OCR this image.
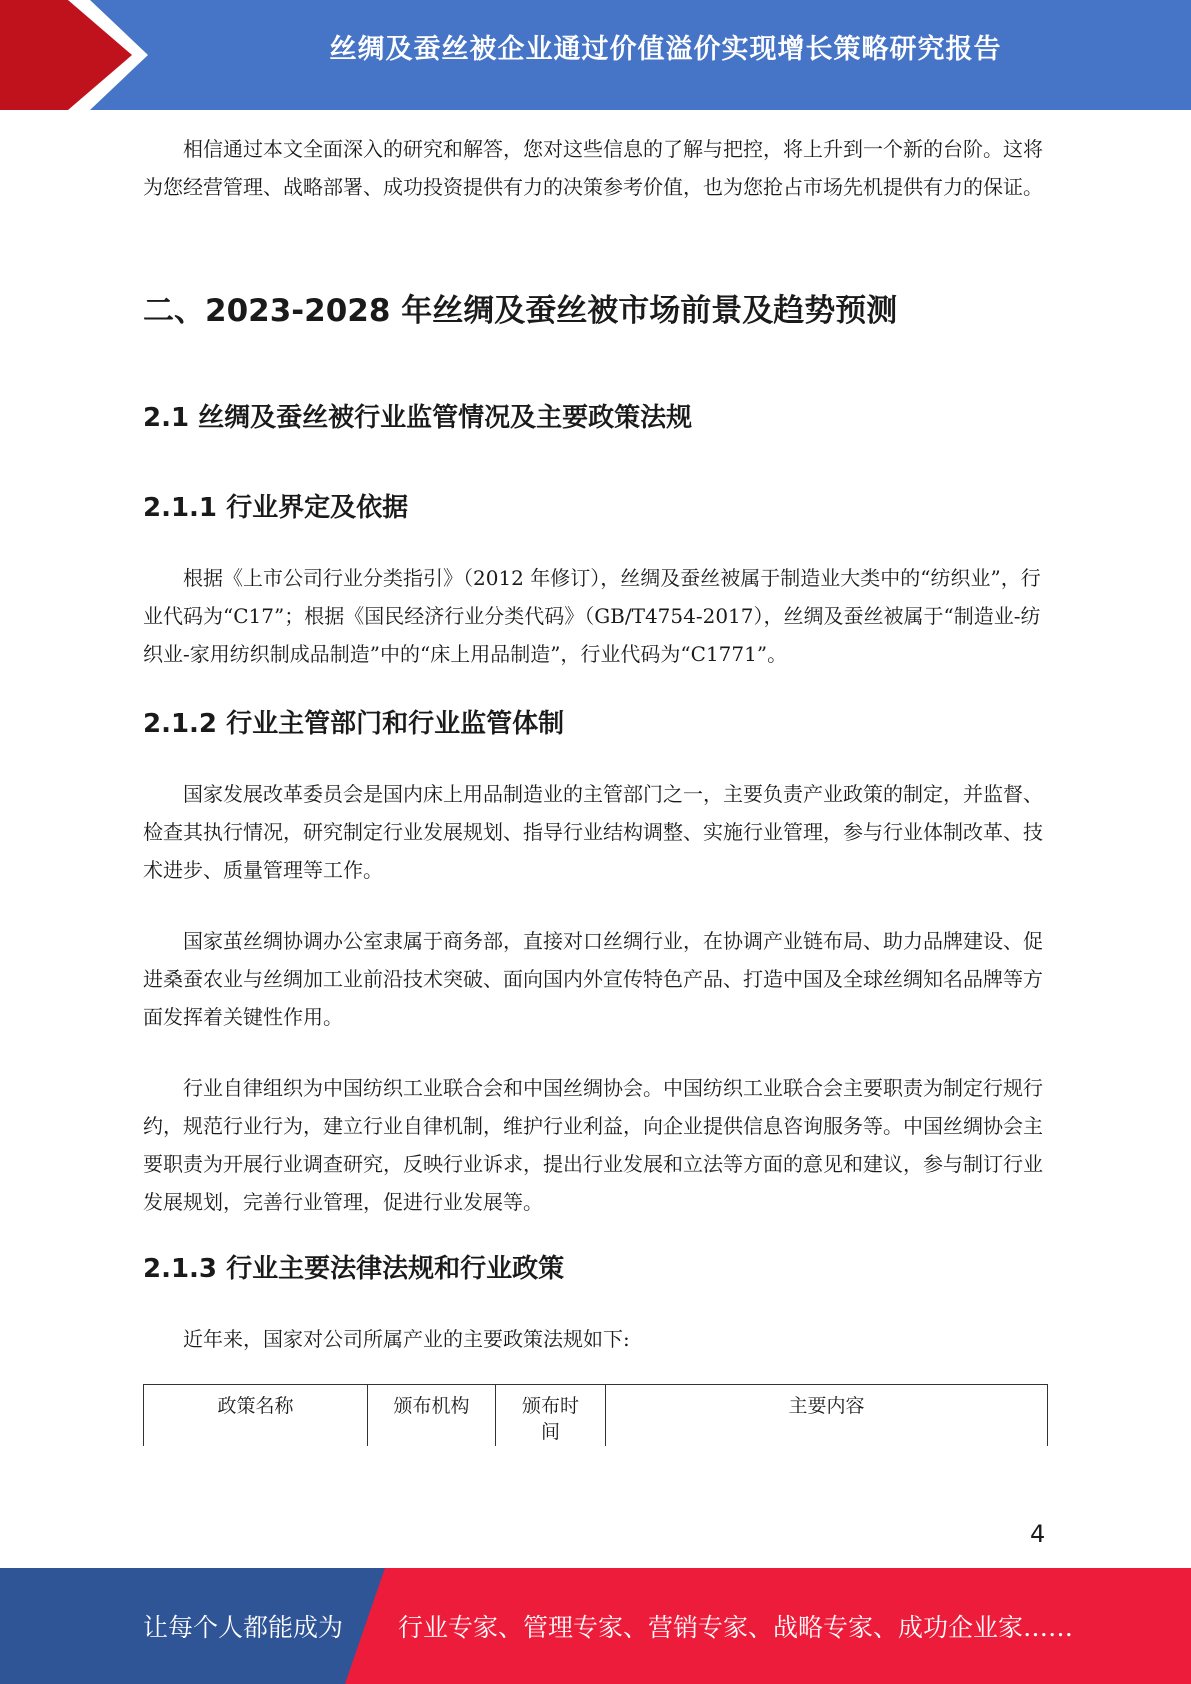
丝绸及蚕丝被企业通过价值溢价实现增长策略研究报告

相信通过本文全面深入的研究和解答，您对这些信息的了解与把控，将上升到一个新的台阶。这将为您经营管理、战略部署、成功投资提供有力的决策参考价值，也为您抢占市场先机提供有力的保证。

二、2023-2028 年丝绸及蚕丝被市场前景及趋势预测
2.1 丝绸及蚕丝被行业监管情况及主要政策法规
2.1.1 行业界定及依据

根据《上市公司行业分类指引》（2012 年修订），丝绸及蚕丝被属于制造业大类中的“纺织业”，行业代码为“C17”；根据《国民经济行业分类代码》（GB/T4754-2017），丝绸及蚕丝被属于“制造业-纺织业-家用纺织制成品制造”中的“床上用品制造”，行业代码为“C1771”。

2.1.2 行业主管部门和行业监管体制

国家发展改革委员会是国内床上用品制造业的主管部门之一，主要负责产业政策的制定，并监督、检查其执行情况，研究制定行业发展规划、指导行业结构调整、实施行业管理，参与行业体制改革、技术进步、质量管理等工作。

国家茧丝绸协调办公室隶属于商务部，直接对口丝绸行业，在协调产业链布局、助力品牌建设、促进桑蚕农业与丝绸加工业前沿技术突破、面向国内外宣传特色产品、打造中国及全球丝绸知名品牌等方面发挥着关键性作用。

行业自律组织为中国纺织工业联合会和中国丝绸协会。中国纺织工业联合会主要职责为制定行规行约，规范行业行为，建立行业自律机制，维护行业利益，向企业提供信息咨询服务等。中国丝绸协会主要职责为开展行业调查研究，反映行业诉求，提出行业发展和立法等方面的意见和建议，参与制订行业发展规划，完善行业管理，促进行业发展等。

2.1.3 行业主要法律法规和行业政策

近年来，国家对公司所属产业的主要政策法规如下:

政策名称	颁布机构	颁布时间	主要内容
4
让每个人都能成为 行业专家、管理专家、营销专家、战略专家、成功企业家……
